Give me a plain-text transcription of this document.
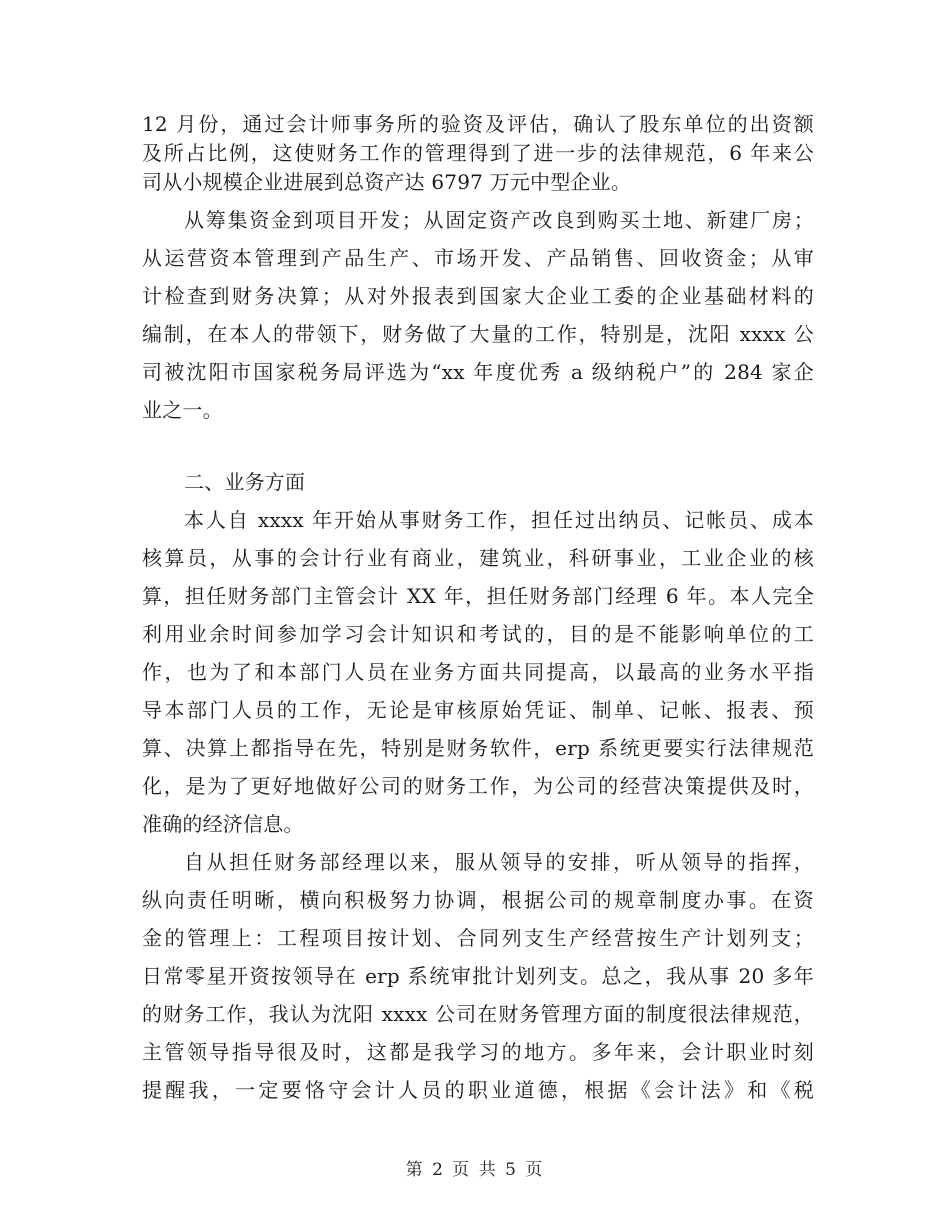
12 月份，通过会计师事务所的验资及评估，确认了股东单位的出资额
及所占比例，这使财务工作的管理得到了进一步的法律规范，6 年来公
司从小规模企业进展到总资产达 6797 万元中型企业。
从筹集资金到项目开发；从固定资产改良到购买土地、新建厂房；
从运营资本管理到产品生产、市场开发、产品销售、回收资金；从审
计检查到财务决算；从对外报表到国家大企业工委的企业基础材料的
编制，在本人的带领下，财务做了大量的工作，特别是，沈阳 xxxx 公
司被沈阳市国家税务局评选为“xx 年度优秀 a 级纳税户”的 284 家企
业之一。
二、业务方面
本人自 xxxx 年开始从事财务工作，担任过出纳员、记帐员、成本
核算员，从事的会计行业有商业，建筑业，科研事业，工业企业的核
算，担任财务部门主管会计 XX 年，担任财务部门经理 6 年。本人完全
利用业余时间参加学习会计知识和考试的，目的是不能影响单位的工
作，也为了和本部门人员在业务方面共同提高，以最高的业务水平指
导本部门人员的工作，无论是审核原始凭证、制单、记帐、报表、预
算、决算上都指导在先，特别是财务软件，erp 系统更要实行法律规范
化，是为了更好地做好公司的财务工作，为公司的经营决策提供及时，
准确的经济信息。
自从担任财务部经理以来，服从领导的安排，听从领导的指挥，
纵向责任明晰，横向积极努力协调，根据公司的规章制度办事。在资
金的管理上：工程项目按计划、合同列支生产经营按生产计划列支；
日常零星开资按领导在 erp 系统审批计划列支。总之，我从事 20 多年
的财务工作，我认为沈阳 xxxx 公司在财务管理方面的制度很法律规范，
主管领导指导很及时，这都是我学习的地方。多年来，会计职业时刻
提醒我，一定要恪守会计人员的职业道德，根据《会计法》和《税
第 2 页 共 5 页
